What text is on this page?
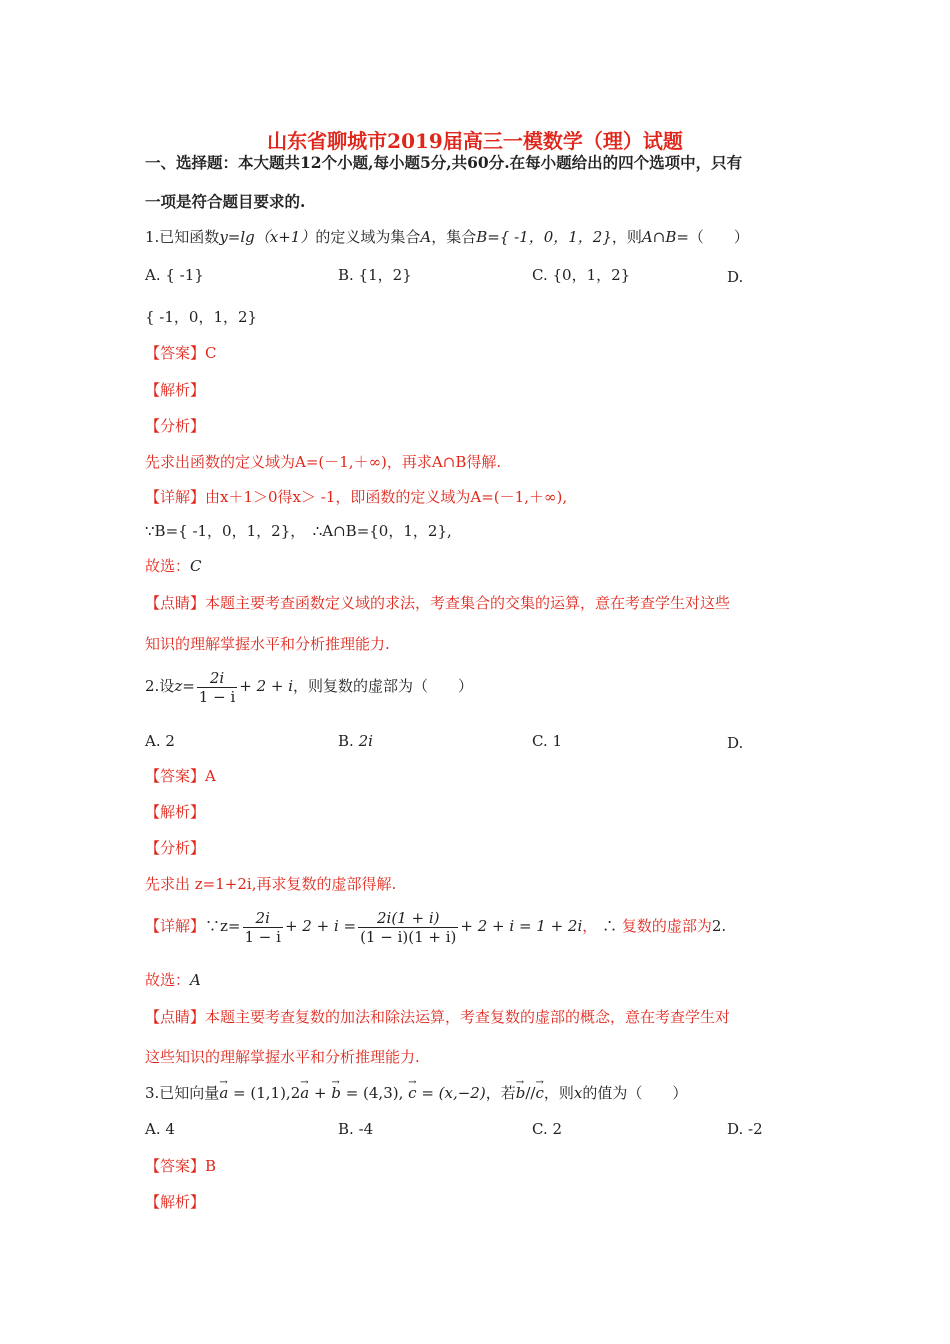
山东省聊城市2019届高三一模数学（理）试题
一、选择题：本大题共12个小题,每小题5分,共60分.在每小题给出的四个选项中，只有
一项是符合题目要求的.
1.已知函数y=lg（x+1）的定义域为集合A，集合B={ -1，0，1，2}，则A∩B=（　　）
A. { -1}	B. {1，2}	C. {0，1，2}	D.
{ -1，0，1，2}
【答案】C
【解析】
【分析】
先求出函数的定义域为A=(－1,＋∞)，再求A∩B得解.
【详解】由x＋1＞0得x＞ -1，即函数的定义域为A=(－1,＋∞),
∵B={ -1，0，1，2}，　∴A∩B={0，1，2},
故选：C
【点睛】本题主要考查函数定义域的求法，考查集合的交集的运算，意在考查学生对这些
知识的理解掌握水平和分析推理能力.
2.设$z= \frac{2i}{1 - i} + 2 + i$，则复数的虚部为（　　）
A. 2	B. 2i	C. 1	D.
【答案】A
【解析】
【分析】
先求出 z=1+2i,再求复数的虚部得解.
【详解】∵z= $\frac{2i}{1 - i} + 2 + i = \frac{2i(1 + i)}{(1 - i)(1 + i)} + 2 + i = 1 + 2i$， ∴ 复数的虚部为2.
故选：A
【点睛】本题主要考查复数的加法和除法运算，考查复数的虚部的概念，意在考查学生对
这些知识的理解掌握水平和分析推理能力.
3.已知向量→ a = (1,1),2→ a + → b = (4,3), → c = (x,−2)，若→ b//→ c，则x的值为（　　）
A. 4	B. -4	C. 2	D. -2
【答案】B
【解析】
